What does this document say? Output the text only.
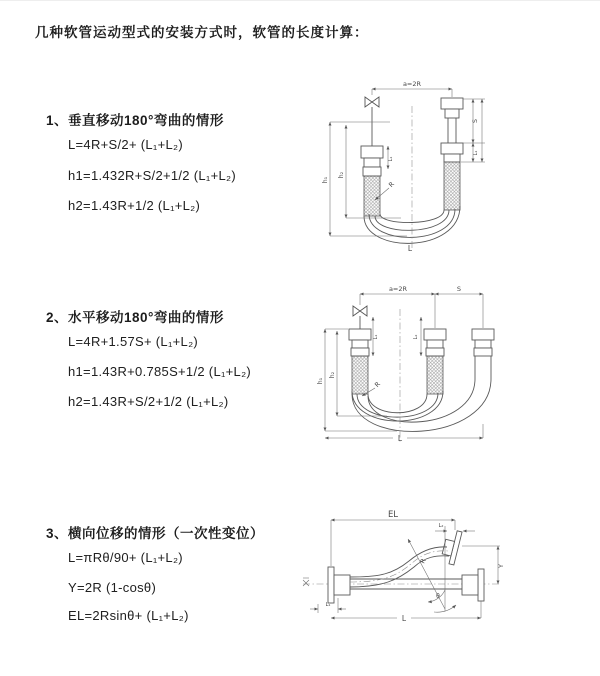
几种软管运动型式的安装方式时，软管的长度计算：
1、垂直移动180°弯曲的情形
L=4R+S/2+ (L₁+L₂)
h1=1.432R+S/2+1/2 (L₁+L₂)
h2=1.43R+1/2 (L₁+L₂)
2、水平移动180°弯曲的情形
L=4R+1.57S+ (L₁+L₂)
h1=1.43R+0.785S+1/2 (L₁+L₂)
h2=1.43R+S/2+1/2 (L₁+L₂)
3、横向位移的情形（一次性变位）
L=πRθ/90+ (L₁+L₂)
Y=2R (1-cosθ)
EL=2Rsinθ+ (L₁+L₂)
a=2R
h₁
h₂
L₁
S
L₁
R
L
a=2R	S
h₁
h₂
L₁	L₂
R
L
EL
L₂
Y
R
θ
L
L₁
